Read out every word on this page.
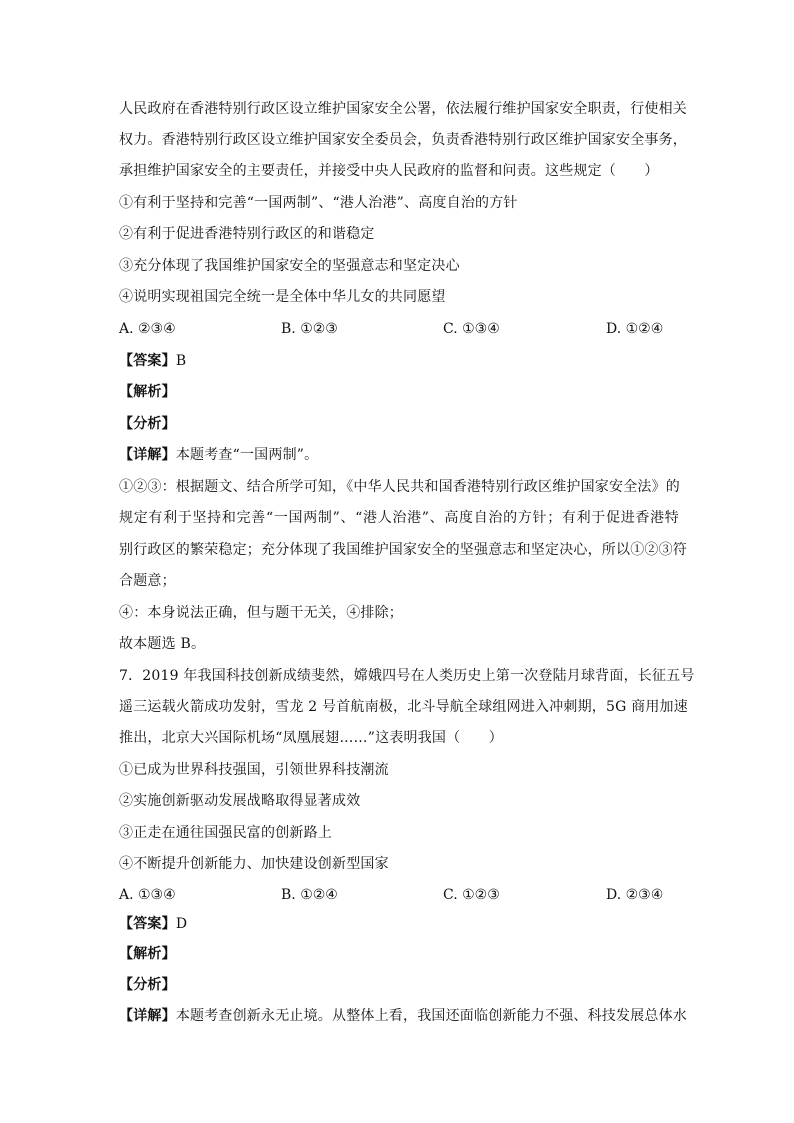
人民政府在香港特别行政区设立维护国家安全公署，依法履行维护国家安全职责，行使相关
权力。香港特别行政区设立维护国家安全委员会，负责香港特别行政区维护国家安全事务，
承担维护国家安全的主要责任，并接受中央人民政府的监督和问责。这些规定（　　）
①有利于坚持和完善“一国两制”、“港人治港”、高度自治的方针
②有利于促进香港特别行政区的和谐稳定
③充分体现了我国维护国家安全的坚强意志和坚定决心
④说明实现祖国完全统一是全体中华儿女的共同愿望
A. ②③④	B. ①②③	C. ①③④	D. ①②④
【答案】B
【解析】
【分析】
【详解】本题考查“一国两制”。
①②③：根据题文、结合所学可知，《中华人民共和国香港特别行政区维护国家安全法》的
规定有利于坚持和完善“一国两制”、“港人治港”、高度自治的方针；有利于促进香港特
别行政区的繁荣稳定；充分体现了我国维护国家安全的坚强意志和坚定决心，所以①②③符
合题意；
④：本身说法正确，但与题干无关，④排除；
故本题选 B。
7．2019 年我国科技创新成绩斐然，嫦娥四号在人类历史上第一次登陆月球背面，长征五号
遥三运载火箭成功发射，雪龙 2 号首航南极，北斗导航全球组网进入冲刺期，5G 商用加速
推出，北京大兴国际机场“凤凰展翅……”这表明我国（　　）
①已成为世界科技强国，引领世界科技潮流
②实施创新驱动发展战略取得显著成效
③正走在通往国强民富的创新路上
④不断提升创新能力、加快建设创新型国家
A. ①③④	B. ①②④	C. ①②③	D. ②③④
【答案】D
【解析】
【分析】
【详解】本题考查创新永无止境。从整体上看，我国还面临创新能力不强、科技发展总体水
